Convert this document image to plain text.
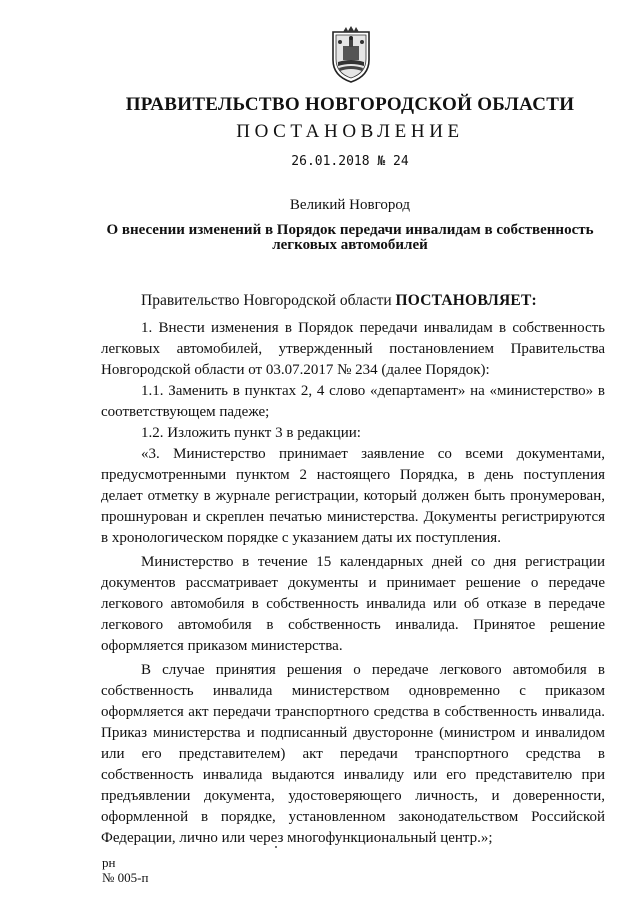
ПРАВИТЕЛЬСТВО НОВГОРОДСКОЙ ОБЛАСТИ
ПОСТАНОВЛЕНИЕ
26.01.2018 № 24
Великий Новгород
О внесении изменений в Порядок передачи инвалидам в собственность
легковых автомобилей

Правительство Новгородской области ПОСТАНОВЛЯЕТ:

1. Внести изменения в Порядок передачи инвалидам в собственность

легковых автомобилей, утвержденный постановлением Правительства

Новгородской области от 03.07.2017 № 234 (далее Порядок):

1.1. Заменить в пунктах 2, 4 слово «департамент» на «министерство» в

соответствующем падеже;

1.2. Изложить пункт 3 в редакции:

«3. Министерство принимает заявление со всеми документами,

предусмотренными пунктом 2 настоящего Порядка, в день поступления

делает отметку в журнале регистрации, который должен быть пронумерован,

прошнурован и скреплен печатью министерства. Документы регистрируются

в хронологическом порядке с указанием даты их поступления.

Министерство в течение 15 календарных дней со дня регистрации

документов рассматривает документы и принимает решение о передаче

легкового автомобиля в собственность инвалида или об отказе в передаче

легкового автомобиля в собственность инвалида. Принятое решение

оформляется приказом министерства.

В случае принятия решения о передаче легкового автомобиля в

собственность инвалида министерством одновременно с приказом

оформляется акт передачи транспортного средства в собственность инвалида.

Приказ министерства и подписанный двусторонне (министром и инвалидом

или его представителем) акт передачи транспортного средства в

собственность инвалида выдаются инвалиду или его представителю при

предъявлении документа, удостоверяющего личность, и доверенности,

оформленной в порядке, установленном законодательством Российской

Федерации, лично или через многофункциональный центр.»;

рн
№ 005-п
